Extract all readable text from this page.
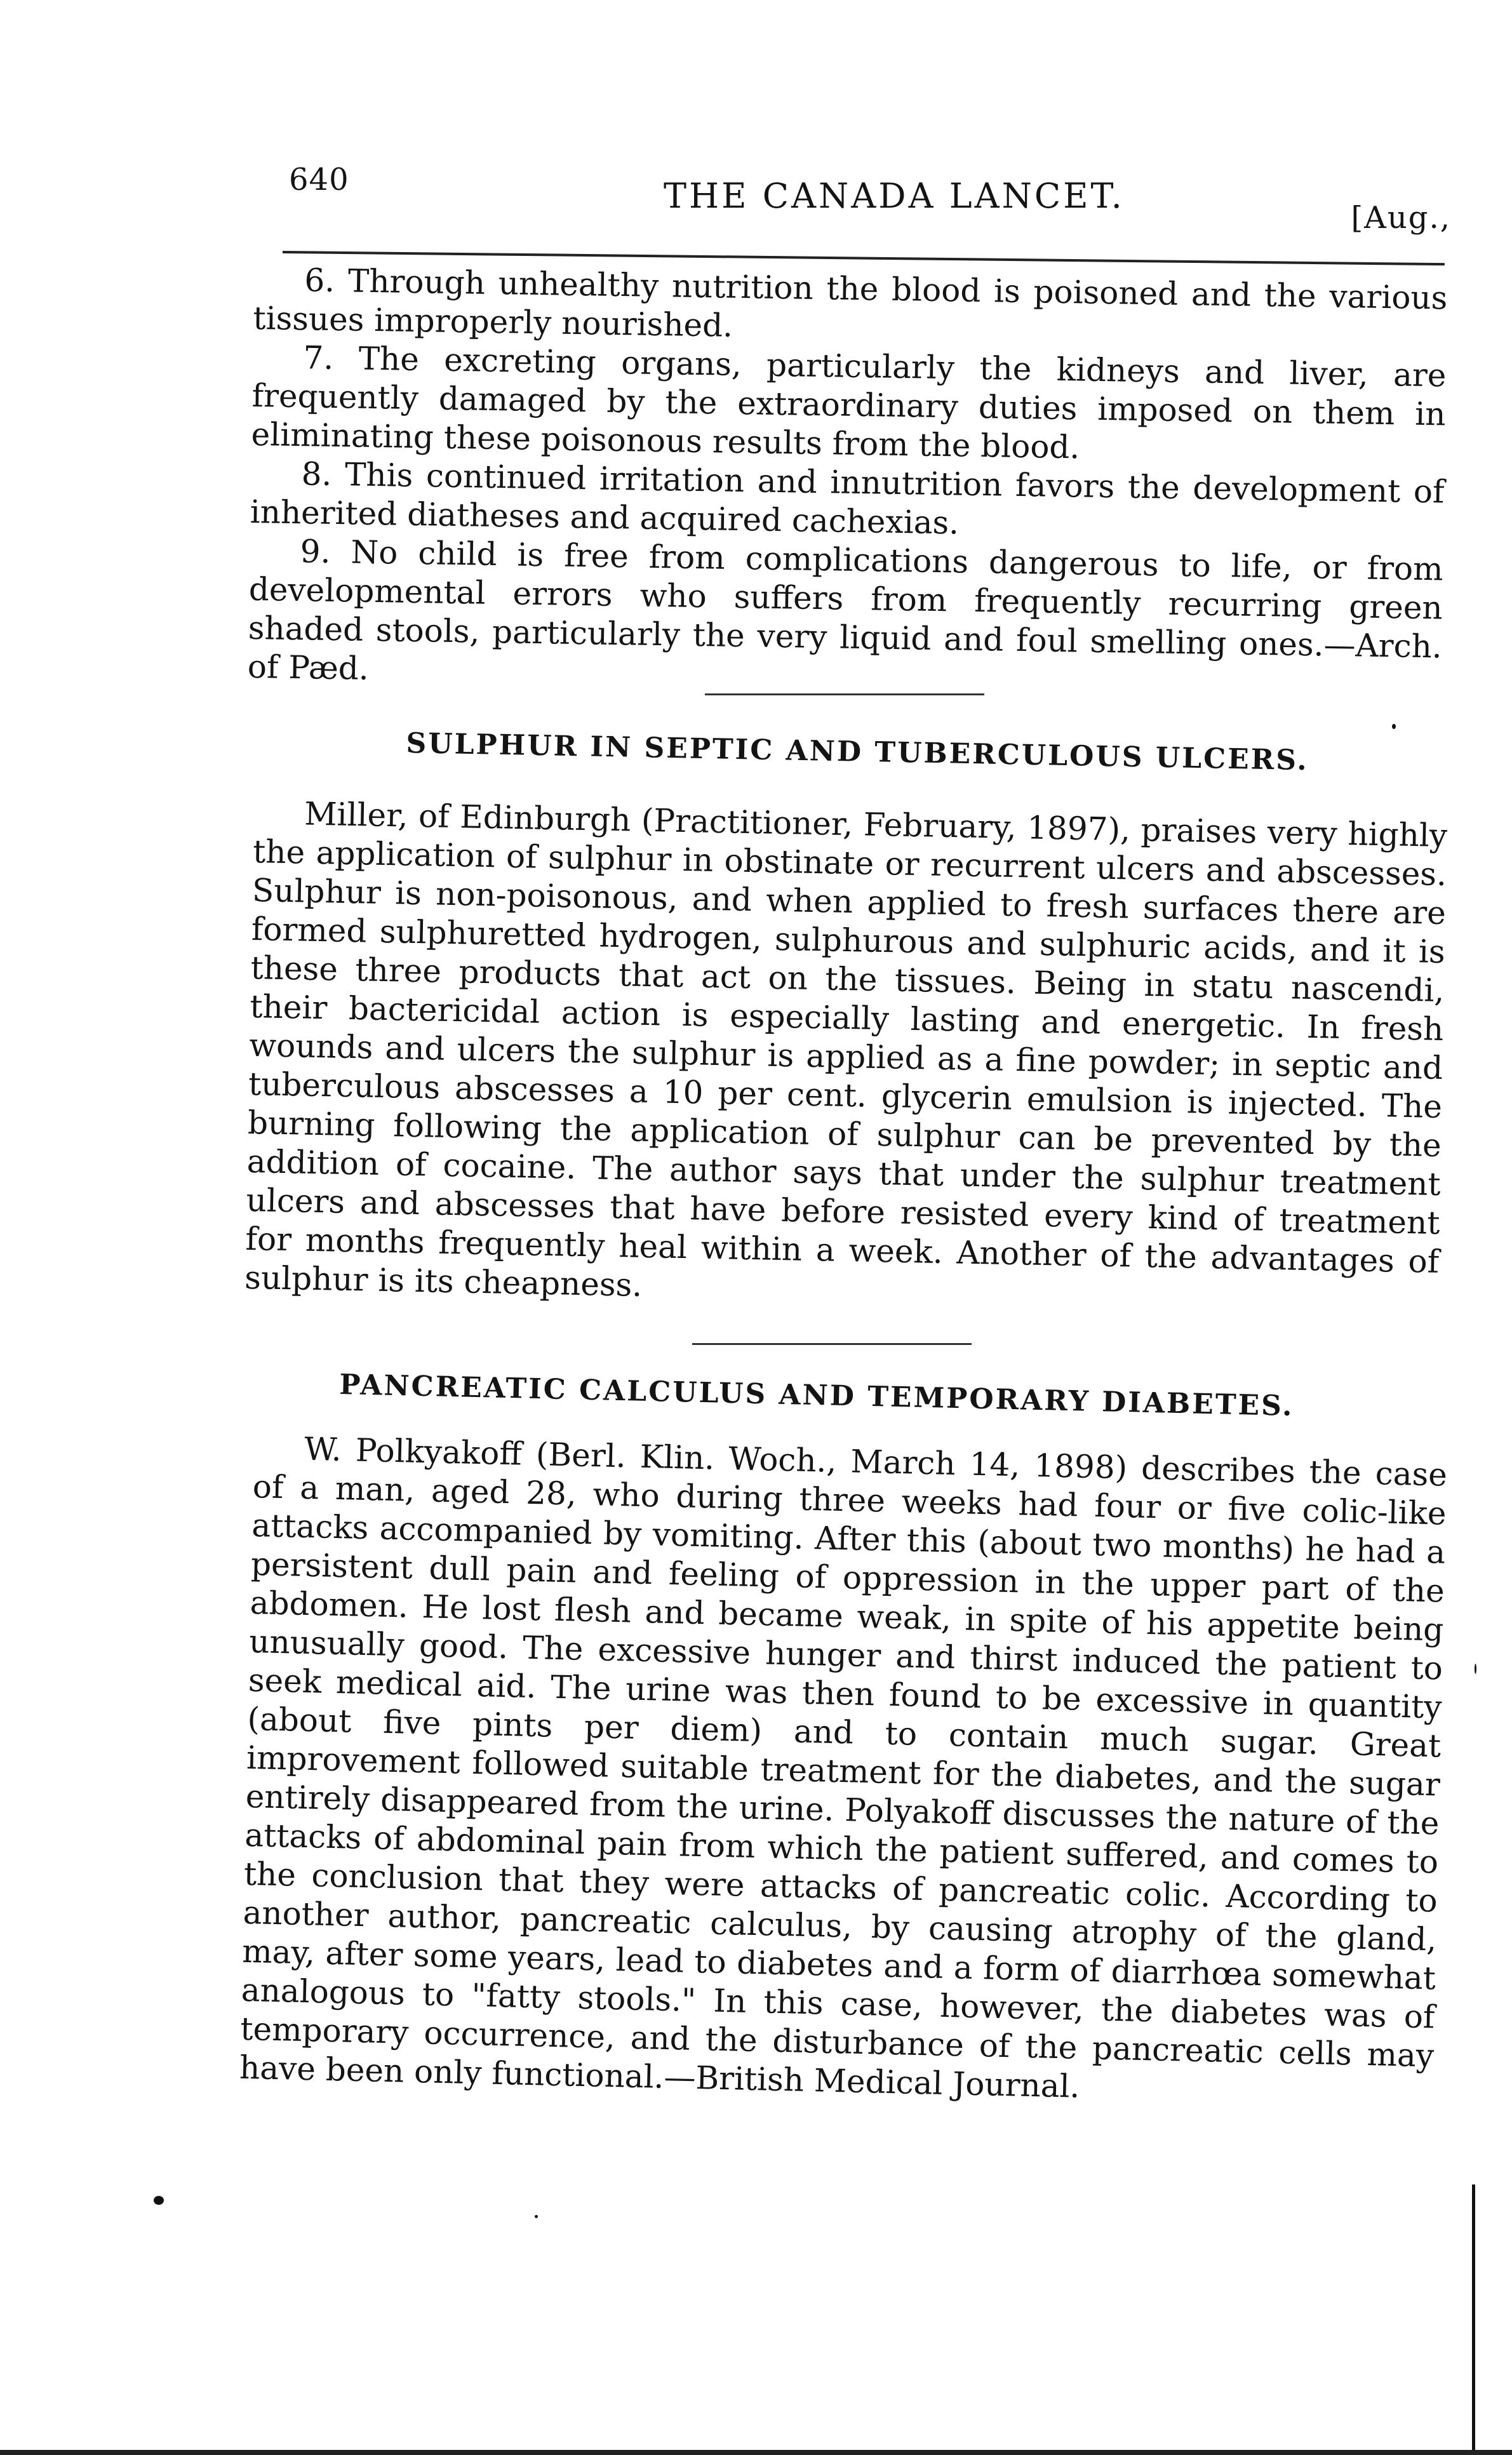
640	THE CANADA LANCET.
[Aug.,

6. Through unhealthy nutrition the blood is poisoned and the various tissues improperly nourished.

7. The excreting organs, particularly the kidneys and liver, are frequently damaged by the extraordinary duties imposed on them in eliminating these poisonous results from the blood.

8. This continued irritation and innutrition favors the development of inherited diatheses and acquired cachexias.

9. No child is free from complications dangerous to life, or from developmental errors who suffers from frequently recurring green shaded stools, particularly the very liquid and foul smelling ones.—Arch. of Pæd.

SULPHUR IN SEPTIC AND TUBERCULOUS ULCERS.

Miller, of Edinburgh (Practitioner, February, 1897), praises very highly the application of sulphur in obstinate or recurrent ulcers and abscesses. Sulphur is non-poisonous, and when applied to fresh surfaces there are formed sulphuretted hydrogen, sulphurous and sulphuric acids, and it is these three products that act on the tissues. Being in statu nascendi, their bactericidal action is especially lasting and energetic. In fresh wounds and ulcers the sulphur is applied as a fine powder; in septic and tuberculous abscesses a 10 per cent. glycerin emulsion is injected. The burning following the application of sulphur can be prevented by the addition of cocaine. The author says that under the sulphur treatment ulcers and abscesses that have before resisted every kind of treatment for months frequently heal within a week. Another of the advantages of sulphur is its cheapness.

PANCREATIC CALCULUS AND TEMPORARY DIABETES.

W. Polkyakoff (Berl. Klin. Woch., March 14, 1898) describes the case of a man, aged 28, who during three weeks had four or five colic-like attacks accompanied by vomiting. After this (about two months) he had a persistent dull pain and feeling of oppression in the upper part of the abdomen. He lost flesh and became weak, in spite of his appetite being unusually good. The excessive hunger and thirst induced the patient to seek medical aid. The urine was then found to be excessive in quantity (about five pints per diem) and to contain much sugar. Great improvement followed suitable treatment for the diabetes, and the sugar entirely disappeared from the urine. Polyakoff discusses the nature of the attacks of abdominal pain from which the patient suffered, and comes to the conclusion that they were attacks of pancreatic colic. According to another author, pancreatic calculus, by causing atrophy of the gland, may, after some years, lead to diabetes and a form of diarrhœa somewhat analogous to "fatty stools." In this case, however, the diabetes was of temporary occurrence, and the disturbance of the pancreatic cells may have been only functional.—British Medical Journal.
